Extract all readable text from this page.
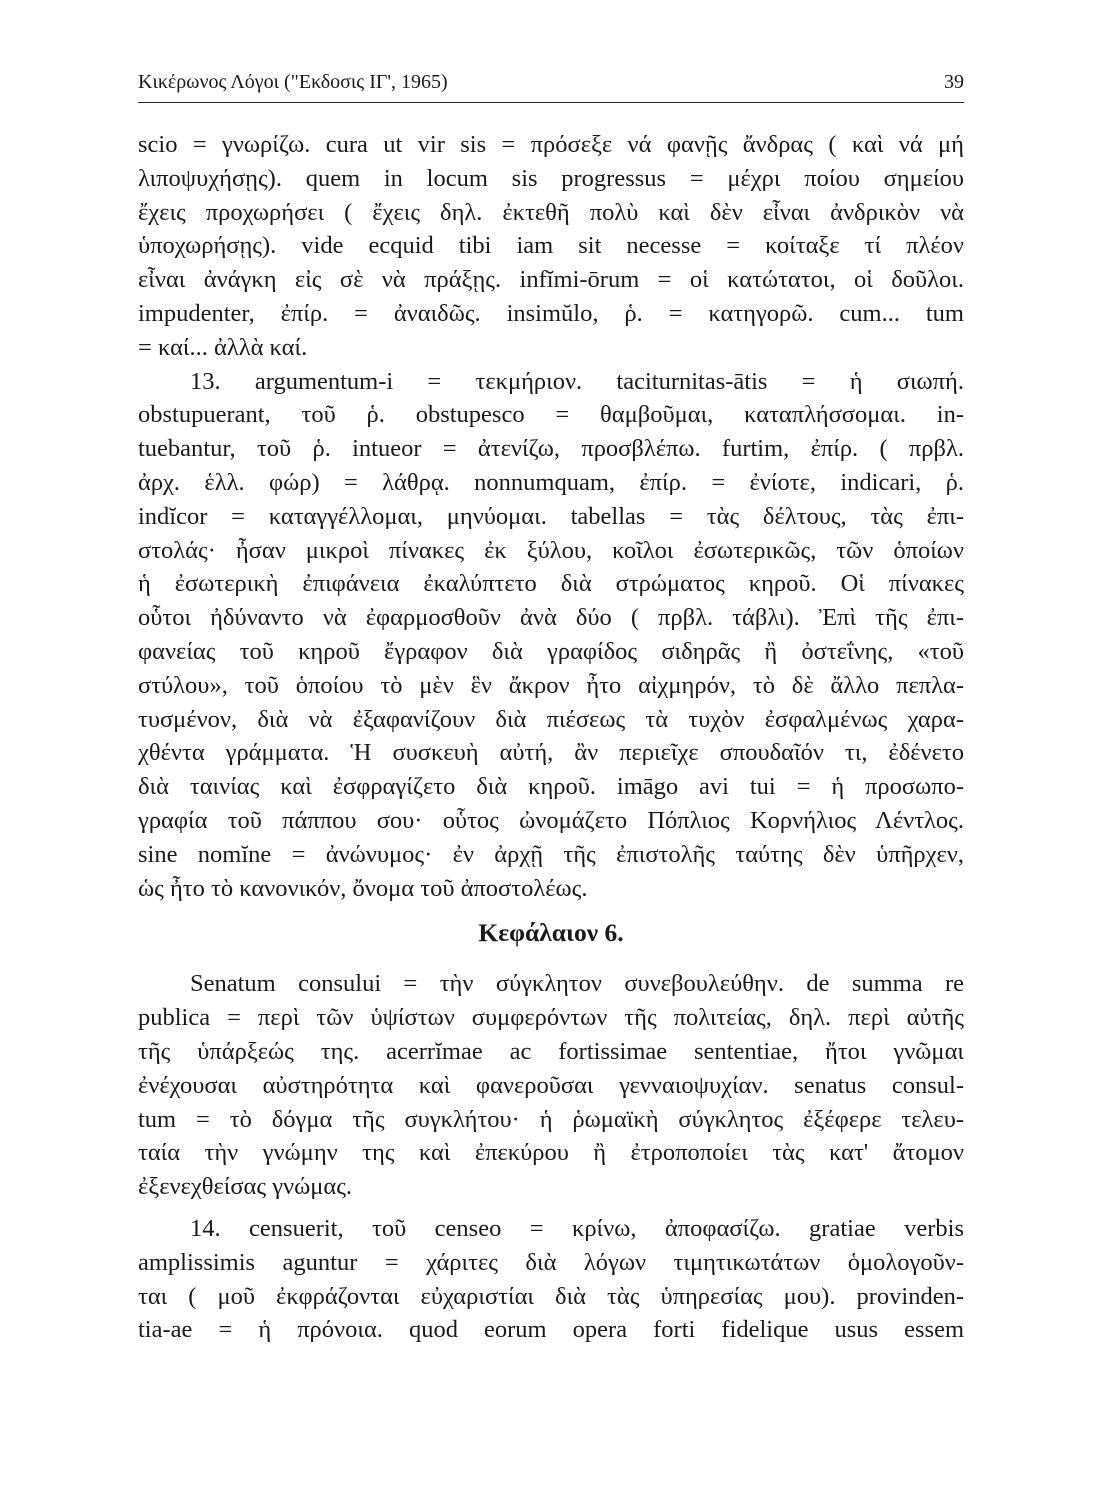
Κικέρωνος Λόγοι ("Εκδοσις ΙΓ', 1965)	39
scio = γνωρίζω. cura ut vir sis = πρόσεξε νά φανῇς ἄνδρας ( καὶ νά μή
λιποψυχήσῃς). quem in locum sis progressus = μέχρι ποίου σημείου
ἔχεις προχωρήσει ( ἔχεις δηλ. ἐκτεθῆ πολὺ καὶ δὲν εἶναι ἀνδρικὸν νὰ
ὑποχωρήσῃς). vide ecquid tibi iam sit necesse = κοίταξε τί πλέον
εἶναι ἀνάγκη εἰς σὲ νὰ πράξῃς. infĭmi-ōrum = οἱ κατώτατοι, οἱ δοῦλοι.
impudenter, ἐπίρ. = ἀναιδῶς. insimŭlo, ῥ. = κατηγορῶ. cum... tum
= καί... ἀλλὰ καί.
13. argumentum-i = τεκμήριον. taciturnitas-ātis = ἡ σιωπή.
obstupuerant, τοῦ ῥ. obstupesco = θαμβοῦμαι, καταπλήσσομαι. in-
tuebantur, τοῦ ῥ. intueor = ἀτενίζω, προσβλέπω. furtim, ἐπίρ. ( πρβλ.
ἀρχ. ἑλλ. φώρ) = λάθρᾳ. nonnumquam, ἐπίρ. = ἐνίοτε, indicari, ῥ.
indĭcor = καταγγέλλομαι, μηνύομαι. tabellas = τὰς δέλτους, τὰς ἐπι-
στολάς· ἦσαν μικροὶ πίνακες ἐκ ξύλου, κοῖλοι ἐσωτερικῶς, τῶν ὁποίων
ἡ ἐσωτερικὴ ἐπιφάνεια ἐκαλύπτετο διὰ στρώματος κηροῦ. Οἱ πίνακες
οὗτοι ἠδύναντο νὰ ἐφαρμοσθοῦν ἀνὰ δύο ( πρβλ. τάβλι). Ἐπὶ τῆς ἐπι-
φανείας τοῦ κηροῦ ἔγραφον διὰ γραφίδος σιδηρᾶς ἢ ὀστεΐνης, «τοῦ
στύλου», τοῦ ὁποίου τὸ μὲν ἓν ἄκρον ἦτο αἰχμηρόν, τὸ δὲ ἄλλο πεπλα-
τυσμένον, διὰ νὰ ἐξαφανίζουν διὰ πιέσεως τὰ τυχὸν ἐσφαλμένως χαρα-
χθέντα γράμματα. Ἡ συσκευὴ αὐτή, ἂν περιεῖχε σπουδαῖόν τι, ἐδένετο
διὰ ταινίας καὶ ἐσφραγίζετο διὰ κηροῦ. imāgo avi tui = ἡ προσωπο-
γραφία τοῦ πάππου σου· οὗτος ὠνομάζετο Πόπλιος Κορνήλιος Λέντλος.
sine nomĭne = ἀνώνυμος· ἐν ἀρχῇ τῆς ἐπιστολῆς ταύτης δὲν ὑπῆρχεν,
ὡς ἦτο τὸ κανονικόν, ὄνομα τοῦ ἀποστολέως.
Κεφάλαιον 6.
Senatum consului = τὴν σύγκλητον συνεβουλεύθην. de summa re
publica = περὶ τῶν ὑψίστων συμφερόντων τῆς πολιτείας, δηλ. περὶ αὐτῆς
τῆς ὑπάρξεώς της. acerrĭmae ac fortissimae sententiae, ἤτοι γνῶμαι
ἐνέχουσαι αὐστηρότητα καὶ φανεροῦσαι γενναιοψυχίαν. senatus consul-
tum = τὸ δόγμα τῆς συγκλήτου· ἡ ῥωμαϊκὴ σύγκλητος ἐξέφερε τελευ-
ταία τὴν γνώμην της καὶ ἐπεκύρου ἢ ἐτροποποίει τὰς κατ' ἄτομον
ἐξενεχθείσας γνώμας.
14. censuerit, τοῦ censeo = κρίνω, ἀποφασίζω. gratiae verbis
amplissimis aguntur = χάριτες διὰ λόγων τιμητικωτάτων ὁμολογοῦν-
ται ( μοῦ ἐκφράζονται εὐχαριστίαι διὰ τὰς ὑπηρεσίας μου). provinden-
tia-ae = ἡ πρόνοια. quod eorum opera forti fidelique usus essem
